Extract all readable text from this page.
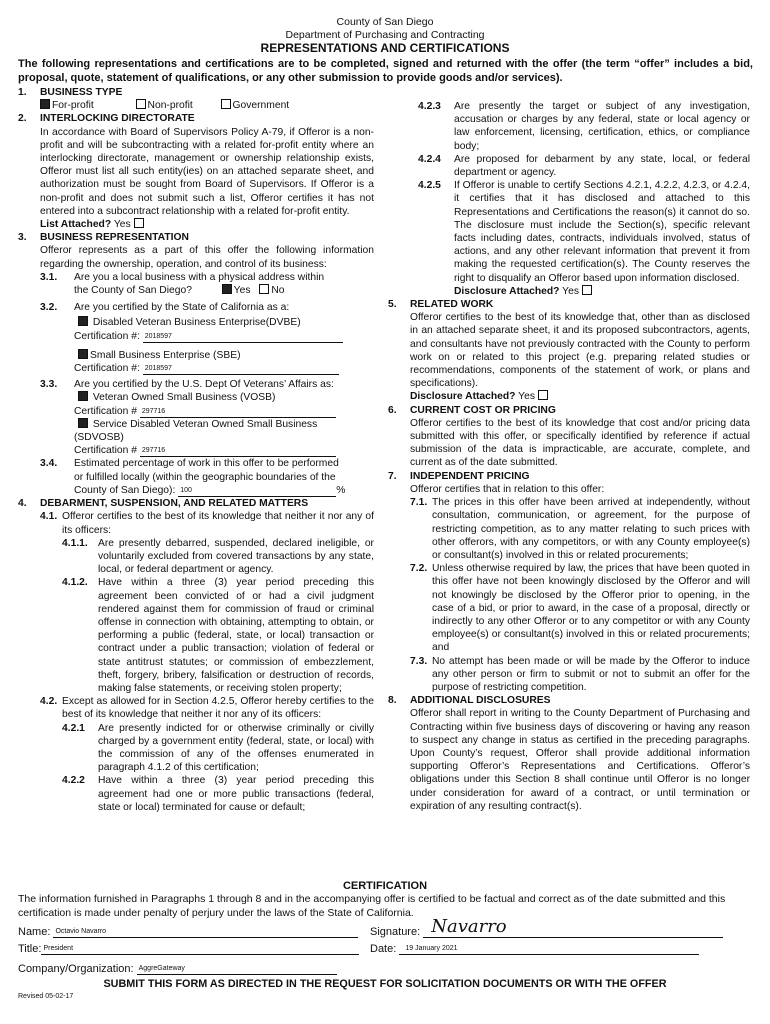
County of San Diego
Department of Purchasing and Contracting
REPRESENTATIONS AND CERTIFICATIONS
The following representations and certifications are to be completed, signed and returned with the offer (the term “offer” includes a bid, proposal, quote, statement of qualifications, or any other submission to provide goods and/or services).
1.	BUSINESS TYPE
For-profit	Non-profit	Government
2.	INTERLOCKING DIRECTORATE
In accordance with Board of Supervisors Policy A-79, if Offeror is a non-profit and will be subcontracting with a related for-profit entity where an interlocking directorate, management or ownership relationship exists, Offeror must list all such entity(ies) on an attached separate sheet, and authorization must be sought from Board of Supervisors. If Offeror is a non-profit and does not submit such a list, Offeror certifies it has not entered into a subcontract relationship with a related for-profit entity.
List Attached? Yes
3.	BUSINESS REPRESENTATION
Offeror represents as a part of this offer the following information regarding the ownership, operation, and control of its business:
3.1.	Are you a local business with a physical address within
the County of San Diego?	Yes No
3.2.	Are you certified by the State of California as a:
Disabled Veteran Business Enterprise(DVBE)
Certification #: 2018597
Small Business Enterprise (SBE)
Certification #: 2018597
3.3.	Are you certified by the U.S. Dept Of Veterans’ Affairs as:
Veteran Owned Small Business (VOSB)
Certification # 297716
Service Disabled Veteran Owned Small Business
(SDVOSB)
Certification # 297716
3.4.	Estimated percentage of work in this offer to be performed
or fulfilled locally (within the geographic boundaries of the
County of San Diego): 100	%
4.	DEBARMENT, SUSPENSION, AND RELATED MATTERS
4.1. Offeror certifies to the best of its knowledge that neither it nor any of its officers:
4.1.1. Are presently debarred, suspended, declared ineligible, or voluntarily excluded from covered transactions by any state, local, or federal department or agency.
4.1.2. Have within a three (3) year period preceding this agreement been convicted of or had a civil judgment rendered against them for commission of fraud or criminal offense in connection with obtaining, attempting to obtain, or performing a public (federal, state, or local) transaction or contract under a public transaction; violation of federal or state antitrust statutes; or commission of embezzlement, theft, forgery, bribery, falsification or destruction of records, making false statements, or receiving stolen property;
4.2. Except as allowed for in Section 4.2.5, Offeror hereby certifies to the best of its knowledge that neither it nor any of its officers:
4.2.1	Are presently indicted for or otherwise criminally or civilly charged by a government entity (federal, state, or local) with the commission of any of the offenses enumerated in paragraph 4.1.2 of this certification;
4.2.2	Have within a three (3) year period preceding this agreement had one or more public transactions (federal, state or local) terminated for cause or default;
4.2.3	Are presently the target or subject of any investigation, accusation or charges by any federal, state or local agency or law enforcement, licensing, certification, ethics, or compliance body;
4.2.4	Are proposed for debarment by any state, local, or federal department or agency.
4.2.5	If Offeror is unable to certify Sections 4.2.1, 4.2.2, 4.2.3, or 4.2.4, it certifies that it has disclosed and attached to this Representations and Certifications the reason(s) it cannot do so. The disclosure must include the Section(s), specific relevant facts including dates, contracts, individuals involved, status of actions, and any other relevant information that prevent it from making the requested certification(s). The County reserves the right to disqualify an Offeror based upon information disclosed.
Disclosure Attached? Yes
5.	RELATED WORK
Offeror certifies to the best of its knowledge that, other than as disclosed in an attached separate sheet, it and its proposed subcontractors, agents, and consultants have not previously contracted with the County to perform work on or related to this project (e.g. preparing related studies or recommendations, components of the statement of work, or plans and specifications).
Disclosure Attached? Yes
6.	CURRENT COST OR PRICING
Offeror certifies to the best of its knowledge that cost and/or pricing data submitted with this offer, or specifically identified by reference if actual submission of the data is impracticable, are accurate, complete, and current as of the date submitted.
7.	INDEPENDENT PRICING
Offeror certifies that in relation to this offer:
7.1. The prices in this offer have been arrived at independently, without consultation, communication, or agreement, for the purpose of restricting competition, as to any matter relating to such prices with other offerors, with any competitors, or with any County employee(s) or consultant(s) involved in this or related procurements;
7.2. Unless otherwise required by law, the prices that have been quoted in this offer have not been knowingly disclosed by the Offeror and will not knowingly be disclosed by the Offeror prior to opening, in the case of a bid, or prior to award, in the case of a proposal, directly or indirectly to any other Offeror or to any competitor or with any County employee(s) or consultant(s) involved in this or related procurements; and
7.3. No attempt has been made or will be made by the Offeror to induce any other person or firm to submit or not to submit an offer for the purpose of restricting competition.
8.	ADDITIONAL DISCLOSURES
Offeror shall report in writing to the County Department of Purchasing and Contracting within five business days of discovering or having any reason to suspect any change in status as certified in the preceding paragraphs. Upon County’s request, Offeror shall provide additional information supporting Offeror’s Representations and Certifications. Offeror’s obligations under this Section 8 shall continue until Offeror is no longer under consideration for award of a contract, or until termination or expiration of any resulting contract(s).
CERTIFICATION
The information furnished in Paragraphs 1 through 8 and in the accompanying offer is certified to be factual and correct as of the date submitted and this certification is made under penalty of perjury under the laws of the State of California.
Name: Octavio Navarro	Signature: Navarro
Title: President	Date: 19 January 2021
Company/Organization: AggreGateway
SUBMIT THIS FORM AS DIRECTED IN THE REQUEST FOR SOLICITATION DOCUMENTS OR WITH THE OFFER
Revised 05-02-17
